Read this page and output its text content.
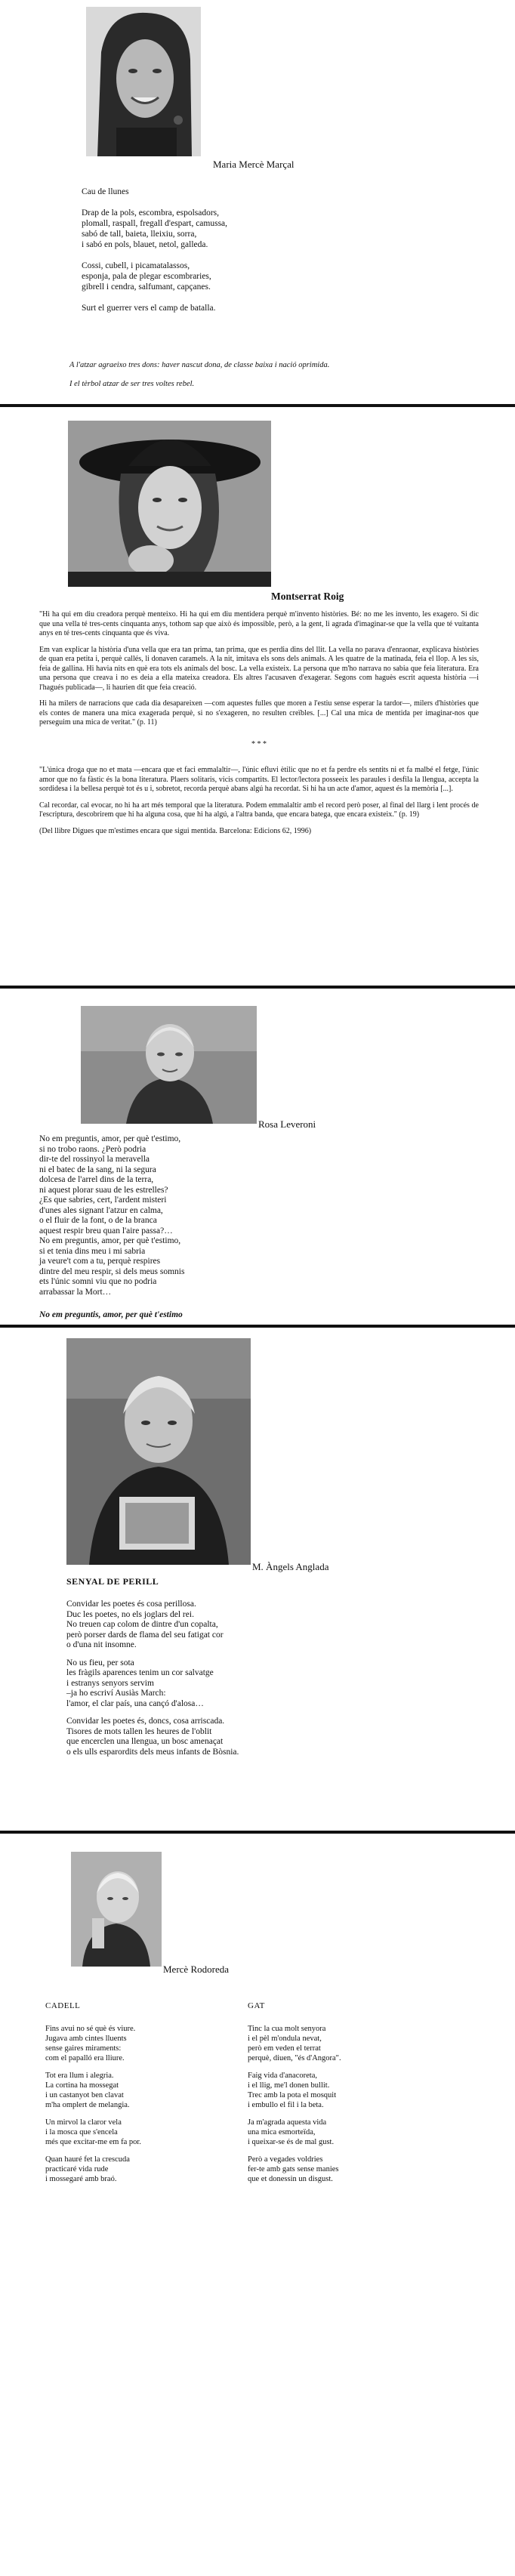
Maria Mercè Marçal

Cau de llunes

Drap de la pols, escombra, espolsadors,
plomall, raspall, fregall d'espart, camussa,
sabó de tall, baieta, lleixiu, sorra,
i sabó en pols, blauet, netol, galleda.

Cossi, cubell, i picamatalassos,
esponja, pala de plegar escombraries,
gibrell i cendra, salfumant, capçanes.

Surt el guerrer vers el camp de batalla.

A l'atzar agraeixo tres dons: haver nascut dona, de classe baixa i nació oprimida.
I el tèrbol atzar de ser tres voltes rebel.
Montserrat Roig

"Hi ha qui em diu creadora perquè menteixo. Hi ha qui em diu mentidera perquè m'invento històries. Bé: no me les invento, les exagero. Si dic que una vella té tres-cents cinquanta anys, tothom sap que això és impossible, però, a la gent, li agrada d'imaginar-se que la vella que té vuitanta anys en té tres-cents cinquanta que és viva.

Em van explicar la història d'una vella que era tan prima, tan prima, que es perdia dins del llit. La vella no parava d'enraonar, explicava històries de quan era petita i, perquè callés, li donaven caramels. A la nit, imitava els sons dels animals. A les quatre de la matinada, feia el llop. A les sis, feia de gallina. Hi havia nits en què era tots els animals del bosc. La vella existeix. La persona que m'ho narrava no sabia que feia literatura. Era una persona que creava i no es deia a ella mateixa creadora. Els altres l'acusaven d'exagerar. Segons com haguès escrit aquesta història —i l'hagués publicada—, li haurien dit que feia creació.

Hi ha milers de narracions que cada dia desapareixen —com aquestes fulles que moren a l'estiu sense esperar la tardor—, milers d'històries que els contes de manera una mica exagerada perquè, si no s'exageren, no resulten creïbles. [...] Cal una mica de mentida per imaginar-nos que perseguim una mica de veritat." (p. 11)

* * *

"L'única droga que no et mata —encara que et faci emmalaltir—, l'únic efluvi ètilic que no et fa perdre els sentits ni et fa malbé el fetge, l'únic amor que no fa fàstic és la bona literatura. Plaers solitaris, vicis compartits. El lector/lectora posseeix les paraules i desfila la llengua, accepta la sordidesa i la bellesa perquè tot és u i, sobretot, recorda perquè abans algú ha recordat. Si hi ha un acte d'amor, aquest és la memòria [...].

Cal recordar, cal evocar, no hi ha art més temporal que la literatura. Podem emmalaltir amb el record però poser, al final del llarg i lent procés de l'escriptura, descobrirem que hi ha alguna cosa, que hi ha algú, a l'altra banda, que encara batega, que encara existeix." (p. 19)

(Del llibre Digues que m'estimes encara que sigui mentida. Barcelona: Edicions 62, 1996)

Rosa Leveroni
No em preguntis, amor, per què t'estimo,
si no trobo raons. ¿Però podria
dir-te del rossinyol la meravella
ni el batec de la sang, ni la segura
dolcesa de l'arrel dins de la terra,
ni aquest plorar suau de les estrelles?
¿Es que sabries, cert, l'ardent misteri
d'unes ales signant l'atzur en calma,
o el fluir de la font, o de la branca
aquest respir breu quan l'aire passa?…
No em preguntis, amor, per què t'estimo,
si et tenia dins meu i mi sabria
ja veure't com a tu, perquè respires
dintre del meu respir, si dels meus somnis
ets l'únic somni viu que no podria
arrabassar la Mort…
No em preguntis, amor, per què t'estimo
M. Àngels Anglada
SENYAL DE PERILL
Convidar les poetes és cosa perillosa.
Duc les poetes, no els joglars del rei.
No treuen cap colom de dintre d'un copalta,
però porser dards de flama del seu fatigat cor
o d'una nit insomne.
No us fieu, per sota
les fràgils aparences tenim un cor salvatge
i estranys senyors servim
–ja ho escriví Ausiàs March:
l'amor, el clar país, una cançó d'alosa…
Convidar les poetes és, doncs, cosa arriscada.
Tisores de mots tallen les heures de l'oblit
que encerclen una llengua, un bosc amenaçat
o els ulls esparordits dels meus infants de Bòsnia.
Mercè Rodoreda
CADELL
Fins avui no sé què és viure.
Jugava amb cintes lluents
sense gaires miraments:
com el papalló era lliure.
Tot era llum i alegria.
La cortina ha mossegat
i un castanyot ben clavat
m'ha omplert de melangia.
Un mirvol la claror vela
i la mosca que s'encela
més que excitar-me em fa por.
Quan hauré fet la crescuda
practicaré vida rude
i mossegaré amb braó.
GAT
Tinc la cua molt senyora
i el pèl m'ondula nevat,
però em veden el terrat
perquè, diuen, "és d'Angora".
Faig vida d'anacoreta,
i el llig, me'l donen bullit.
Trec amb la pota el mosquit
i embullo el fil i la beta.
Ja m'agrada aquesta vida
una mica esmorteïda,
i queixar-se és de mal gust.
Però a vegades voldries
fer-te amb gats sense manies
que et donessin un disgust.
